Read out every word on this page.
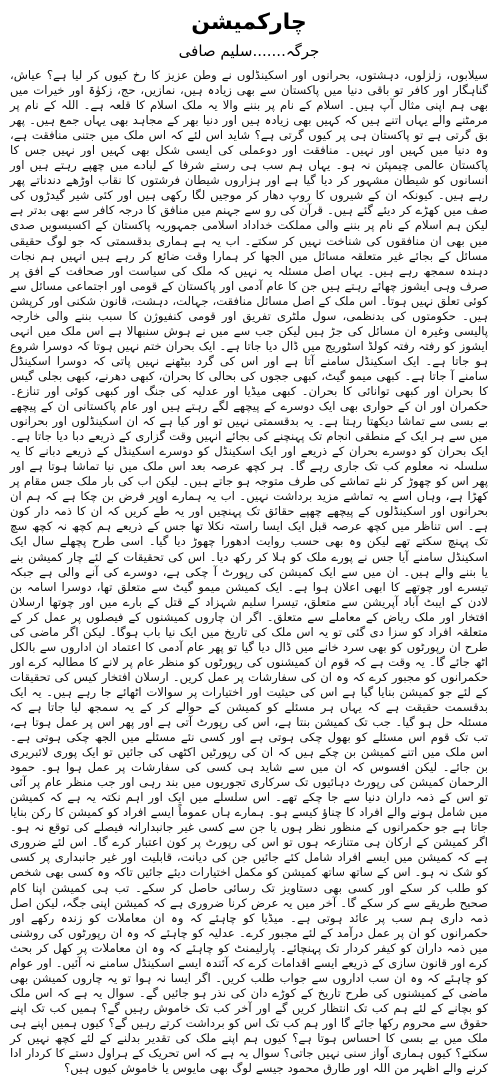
چارکمیشن
جرگہ.......سلیم صافی
سیلابوں، زلزلوں، دہشتوں، بحرانوں اور اسکینڈلوں نے وطن عزیز کا رخ کیوں کر لیا ہے؟ عیاش، گناہگار اور کافر تو باقی دنیا میں پاکستان سے بھی زیادہ ہیں، نمازیں، حج، زکوٰۃ اور خیرات میں بھی ہم اپنی مثال آپ ہیں۔ اسلام کے نام پر بننے والا یہ ملک اسلام کا قلعہ ہے۔ اللہ کے نام پر مرمٹنے والے یہاں اتنے ہیں کہ کہیں بھی زیادہ ہیں اور دنیا بھر کے مجاہد بھی یہاں جمع ہیں۔ پھر بق گرتی ہے تو پاکستان ہی پر کیوں گرتی ہے؟ شاید اس لئے کہ اس ملک میں جتنی منافقت ہے، وہ دنیا میں کہیں اور نہیں۔ منافقت اور دوعملی کی ایسی شکل بھی کہیں اور نہیں جس کا پاکستان عالمی چیمپئن نہ ہو۔ یہاں ہم سب ہی رستے شرفا کے لبادے میں چھپے رہتے ہیں اور انسانوں کو شیطان مشہور کر دیا گیا ہے اور ہزاروں شیطان فرشتوں کا نقاب اوڑھے دندناتے پھر رہے ہیں۔ کیونکہ ان کے شیروں کا روپ دھار کر موجیں لگا رکھی ہیں اور کئی شیر گیدڑوں کی صف میں کھڑے کر دیئے گئے ہیں۔ قرآن کی رو سے جہنم میں منافق کا درجہ کافر سے بھی بدتر ہے لیکن ہم اسلام کے نام پر بننے والی مملکت خداداد اسلامی جمہوریہ پاکستان کے اکسیسویں صدی میں بھی ان منافقوں کی شناخت نہیں کر سکتے۔ اب یہ ہے ہماری بدقسمتی کہ جو لوگ حقیقی مسائل کے بجائے غیر متعلقہ مسائل میں الجھا کر ہمارا وقت ضائع کر رہے ہیں انہیں ہم نجات دہندہ سمجھ رہے ہیں۔ یہاں اصل مسئلہ یہ نہیں کہ ملک کی سیاست اور صحافت کے افق پر صرف وہی ایشوز چھائے رہتے ہیں جن کا عام آدمی اور پاکستان کے قومی اور اجتماعی مسائل سے کوئی تعلق نہیں ہوتا۔ اس ملک کے اصل مسائل منافقت، جہالت، دہشت، قانون شکنی اور کرپشن ہیں۔ حکومتوں کی بدنظمی، سول ملٹری تفریق اور قومی کنفیوژن کا سبب بننے والی خارجہ پالیسی وغیرہ ان مسائل کی جڑ ہیں لیکن جب سے میں نے ہوش سنبھالا ہے اس ملک میں انہی ایشوز کو رفتہ رفتہ کولڈ اسٹوریج میں ڈال دیا جاتا ہے۔ ایک بحران ختم نہیں ہوتا کہ دوسرا شروع ہو جاتا ہے۔ ایک اسکینڈل سامنے آتا ہے اور اس کی گرد بیٹھنے نہیں پاتی کہ دوسرا اسکینڈل سامنے آ جاتا ہے۔ کبھی میمو گیٹ، کبھی ججوں کی بحالی کا بحران، کبھی دھرنے، کبھی بجلی گیس کا بحران اور کبھی توانائی کا بحران۔ کبھی میڈیا اور عدلیہ کی جنگ اور کبھی کوئی اور تنازع۔ حکمران اور ان کے حواری بھی ایک دوسرے کے پیچھے لگے رہتے ہیں اور عام پاکستانی ان کے پیچھے بے بسی سے تماشا دیکھتا رہتا ہے۔ یہ بدقسمتی نہیں تو اور کیا ہے کہ ان اسکینڈلوں اور بحرانوں میں سے ہر ایک کے منطقی انجام تک پہنچنے کی بجائے انہیں وقت گزاری کے ذریعے دبا دیا جاتا ہے۔ ایک بحران کو دوسرے بحران کے ذریعے اور ایک اسکینڈل کو دوسرے اسکینڈل کے ذریعے دبانے کا یہ سلسلہ نہ معلوم کب تک جاری رہے گا۔ ہر کچھ عرصہ بعد اس ملک میں نیا تماشا ہوتا ہے اور پھر اس کو چھوڑ کر نئے تماشے کی طرف متوجہ ہو جاتے ہیں۔ لیکن اب کی بار ملک جس مقام پر کھڑا ہے، وہاں اسے یہ تماشے مزید برداشت نہیں۔ اب یہ ہمارے اوپر فرض بن چکا ہے کہ ہم ان بحرانوں اور اسکینڈلوں کے پیچھے چھپے حقائق تک پہنچیں اور یہ طے کریں کہ ان کا ذمہ دار کون ہے۔ اس تناظر میں کچھ عرصہ قبل ایک ایسا راستہ نکلا تھا جس کے ذریعے ہم کچھ نہ کچھ سچ تک پہنچ سکتے تھے لیکن وہ بھی حسب روایت ادھورا چھوڑ دیا گیا۔ اسی طرح پچھلے سال ایک اسکینڈل سامنے آیا جس نے پورے ملک کو ہلا کر رکھ دیا۔ اس کی تحقیقات کے لئے چار کمیشن بنے یا بننے والے ہیں۔ ان میں سے ایک کمیشن کی رپورٹ آ چکی ہے، دوسرے کی آنے والی ہے جبکہ تیسرے اور چوتھے کا ابھی اعلان ہوا ہے۔ ایک کمیشن میمو گیٹ سے متعلق تھا، دوسرا اسامہ بن لادن کے ایبٹ آباد آپریشن سے متعلق، تیسرا سلیم شہزاد کے قتل کے بارے میں اور چوتھا ارسلان افتخار اور ملک ریاض کے معاملے سے متعلق۔ اگر ان چاروں کمیشنوں کے فیصلوں پر عمل کر کے متعلقہ افراد کو سزا دی گئی تو یہ اس ملک کی تاریخ میں ایک نیا باب ہوگا۔ لیکن اگر ماضی کی طرح ان رپورٹوں کو بھی سرد خانے میں ڈال دیا گیا تو پھر عام آدمی کا اعتماد ان اداروں سے بالکل اٹھ جائے گا۔ یہ وقت ہے کہ قوم ان کمیشنوں کی رپورٹوں کو منظر عام پر لانے کا مطالبہ کرے اور حکمرانوں کو مجبور کرے کہ وہ ان کی سفارشات پر عمل کریں۔ ارسلان افتخار کیس کی تحقیقات کے لئے جو کمیشن بنایا گیا ہے اس کی حیثیت اور اختیارات پر سوالات اٹھائے جا رہے ہیں۔ یہ ایک بدقسمت حقیقت ہے کہ یہاں ہر مسئلے کو کمیشن کے حوالے کر کے یہ سمجھ لیا جاتا ہے کہ مسئلہ حل ہو گیا۔ جب تک کمیشن بنتا ہے، اس کی رپورٹ آتی ہے اور پھر اس پر عمل ہوتا ہے، تب تک قوم اس مسئلے کو بھول چکی ہوتی ہے اور کسی نئے مسئلے میں الجھ چکی ہوتی ہے۔ اس ملک میں اتنے کمیشن بن چکے ہیں کہ ان کی رپورٹیں اکٹھی کی جائیں تو ایک پوری لائبریری بن جائے۔ لیکن افسوس کہ ان میں سے شاید ہی کسی کی سفارشات پر عمل ہوا ہو۔ حمود الرحمان کمیشن کی رپورٹ دہائیوں تک سرکاری تجوریوں میں بند رہی اور جب منظر عام پر آئی تو اس کے ذمہ داران دنیا سے جا چکے تھے۔ اس سلسلے میں ایک اور اہم نکتہ یہ ہے کہ کمیشن میں شامل ہونے والے افراد کا چناؤ کیسے ہو۔ ہمارے ہاں عموماً ایسے افراد کو کمیشن کا رکن بنایا جاتا ہے جو حکمرانوں کے منظور نظر ہوں یا جن سے کسی غیر جانبدارانہ فیصلے کی توقع نہ ہو۔ اگر کمیشن کے ارکان ہی متنازعہ ہوں تو اس کی رپورٹ پر کون اعتبار کرے گا۔ اس لئے ضروری ہے کہ کمیشن میں ایسے افراد شامل کئے جائیں جن کی دیانت، قابلیت اور غیر جانبداری پر کسی کو شک نہ ہو۔ اس کے ساتھ ساتھ کمیشن کو مکمل اختیارات دیئے جائیں تاکہ وہ کسی بھی شخص کو طلب کر سکے اور کسی بھی دستاویز تک رسائی حاصل کر سکے۔ تب ہی کمیشن اپنا کام صحیح طریقے سے کر سکے گا۔ آخر میں یہ عرض کرنا ضروری ہے کہ کمیشن اپنی جگہ، لیکن اصل ذمہ داری ہم سب پر عائد ہوتی ہے۔ میڈیا کو چاہئے کہ وہ ان معاملات کو زندہ رکھے اور حکمرانوں کو ان پر عمل درآمد کے لئے مجبور کرے۔ عدلیہ کو چاہئے کہ وہ ان رپورٹوں کی روشنی میں ذمہ داران کو کیفر کردار تک پہنچائے۔ پارلیمنٹ کو چاہئے کہ وہ ان معاملات پر کھل کر بحث کرے اور قانون سازی کے ذریعے ایسے اقدامات کرے کہ آئندہ ایسے اسکینڈل سامنے نہ آئیں۔ اور عوام کو چاہئے کہ وہ ان سب اداروں سے جواب طلب کریں۔ اگر ایسا نہ ہوا تو یہ چاروں کمیشن بھی ماضی کے کمیشنوں کی طرح تاریخ کے کوڑے دان کی نذر ہو جائیں گے۔ سوال یہ ہے کہ اس ملک کو بچانے کے لئے ہم کب تک انتظار کریں گے اور آخر کب تک خاموش رہیں گے؟ ہمیں کب تک اپنے حقوق سے محروم رکھا جائے گا اور ہم کب تک اس کو برداشت کرتے رہیں گے؟ کیوں ہمیں اپنے ہی ملک میں بے بسی کا احساس ہوتا ہے؟ کیوں ہم اپنے ملک کی تقدیر بدلنے کے لئے کچھ نہیں کر سکتے؟ کیوں ہماری آواز سنی نہیں جاتی؟ سوال یہ ہے کہ اس تحریک کے ہراول دستے کا کردار ادا کرنے والے اظہر من اللہ اور طارق محمود جیسے لوگ بھی مایوس یا خاموش کیوں ہیں؟
